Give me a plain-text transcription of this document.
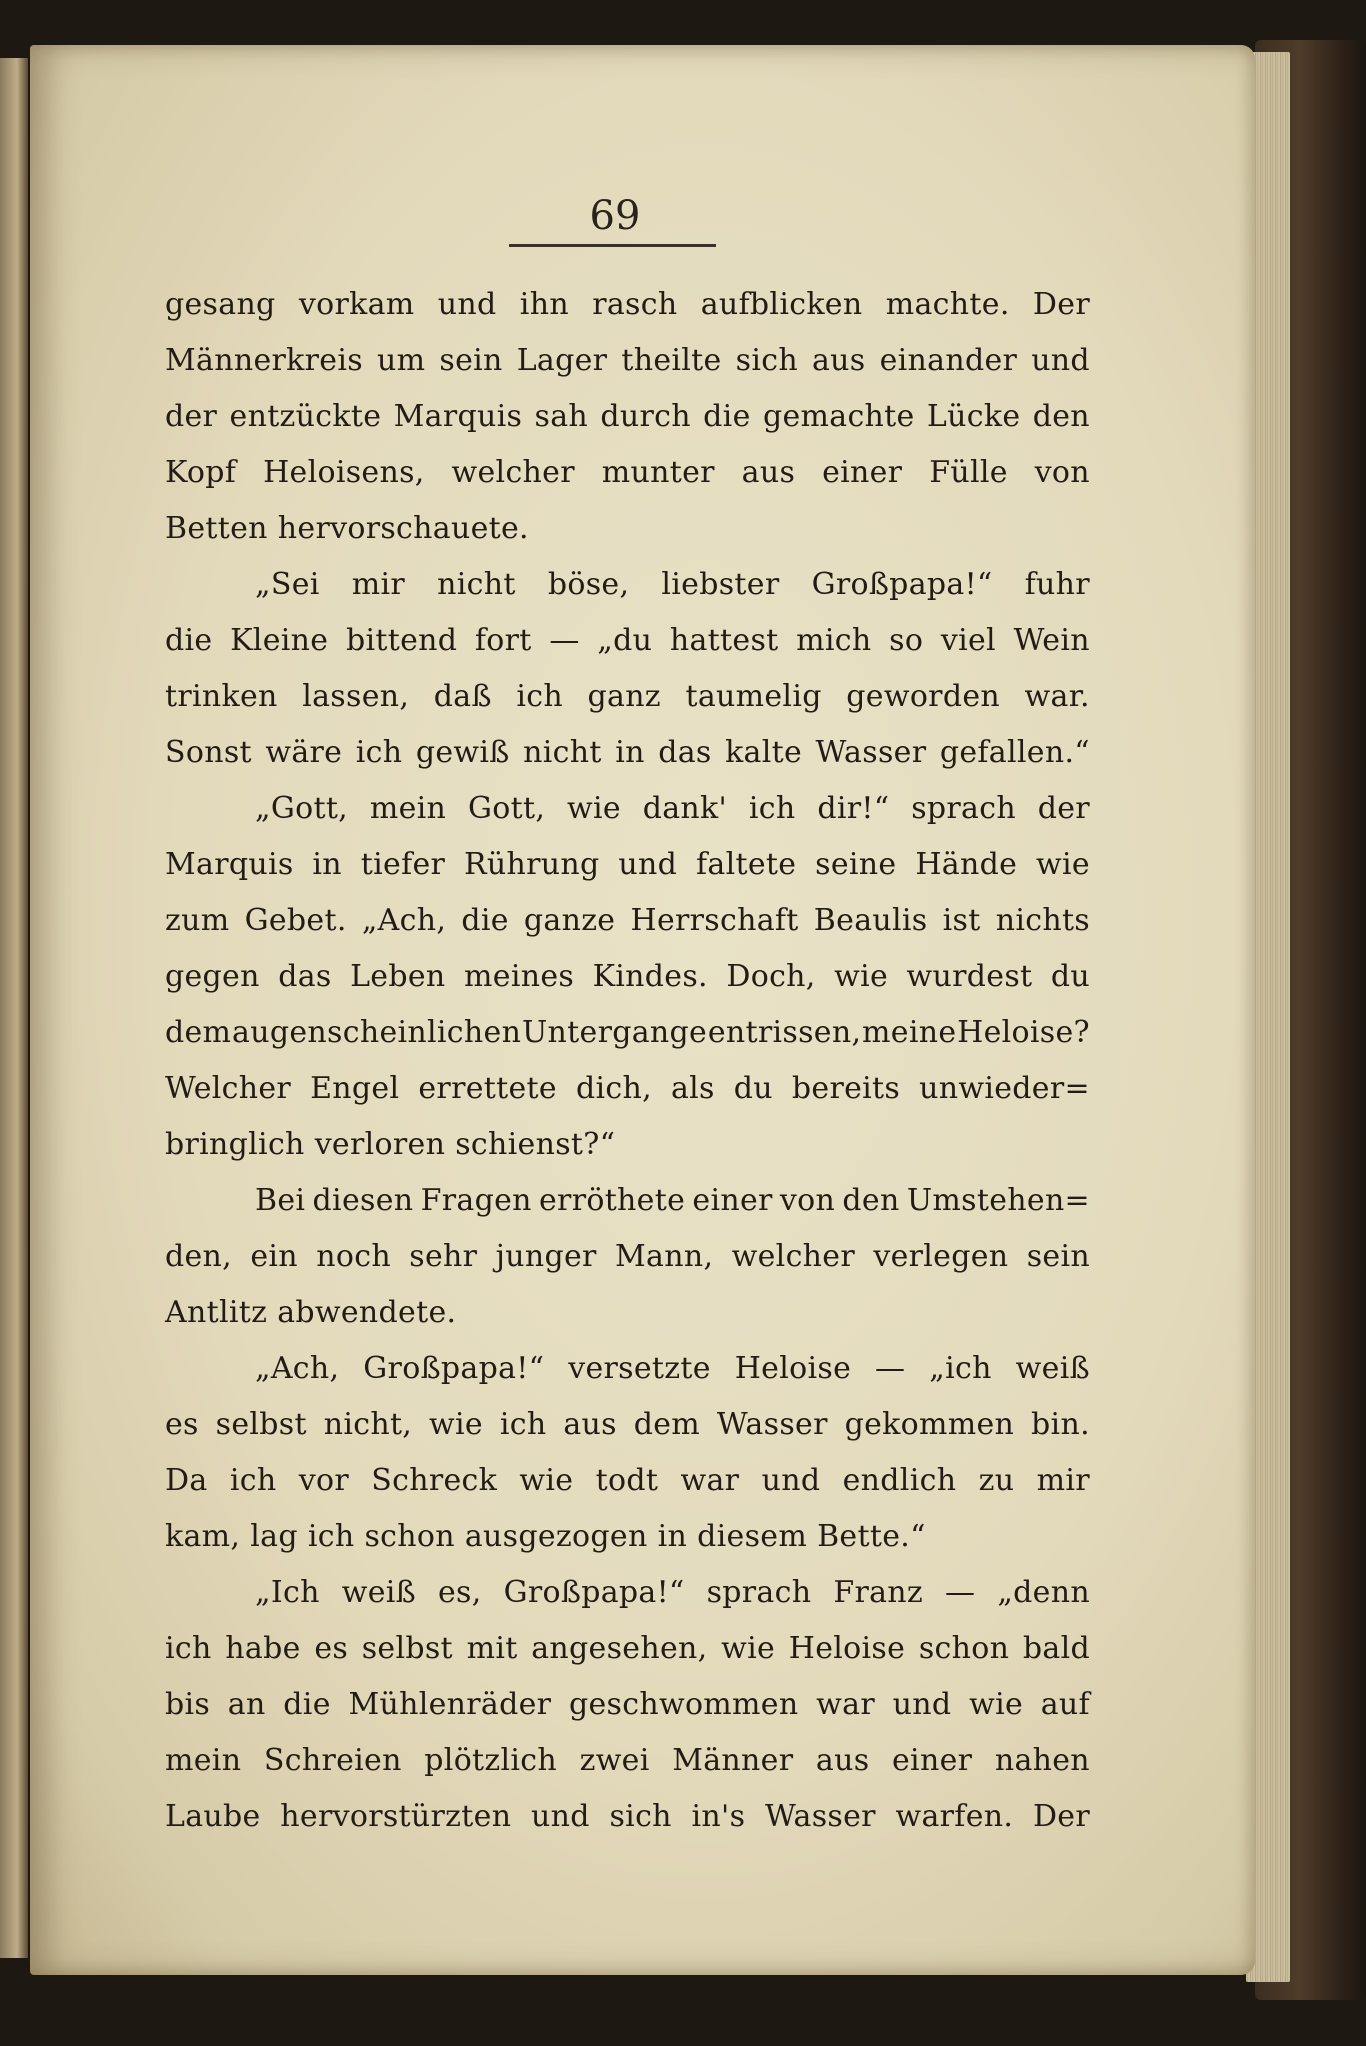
69
gesang vorkam und ihn rasch aufblicken machte. Der
Männerkreis um sein Lager theilte sich aus einander und
der entzückte Marquis sah durch die gemachte Lücke den
Kopf Heloisens, welcher munter aus einer Fülle von
Betten hervorschauete.
„Sei mir nicht böse, liebster Großpapa!“ fuhr
die Kleine bittend fort — „du hattest mich so viel Wein
trinken lassen, daß ich ganz taumelig geworden war.
Sonst wäre ich gewiß nicht in das kalte Wasser gefallen.“
„Gott, mein Gott, wie dank' ich dir!“ sprach der
Marquis in tiefer Rührung und faltete seine Hände wie
zum Gebet. „Ach, die ganze Herrschaft Beaulis ist nichts
gegen das Leben meines Kindes. Doch, wie wurdest du
dem augenscheinlichen Untergange entrissen, meine Heloise?
Welcher Engel errettete dich, als du bereits unwieder=
bringlich verloren schienst?“
Bei diesen Fragen erröthete einer von den Umstehen=
den, ein noch sehr junger Mann, welcher verlegen sein
Antlitz abwendete.
„Ach, Großpapa!“ versetzte Heloise — „ich weiß
es selbst nicht, wie ich aus dem Wasser gekommen bin.
Da ich vor Schreck wie todt war und endlich zu mir
kam, lag ich schon ausgezogen in diesem Bette.“
„Ich weiß es, Großpapa!“ sprach Franz — „denn
ich habe es selbst mit angesehen, wie Heloise schon bald
bis an die Mühlenräder geschwommen war und wie auf
mein Schreien plötzlich zwei Männer aus einer nahen
Laube hervorstürzten und sich in's Wasser warfen. Der
